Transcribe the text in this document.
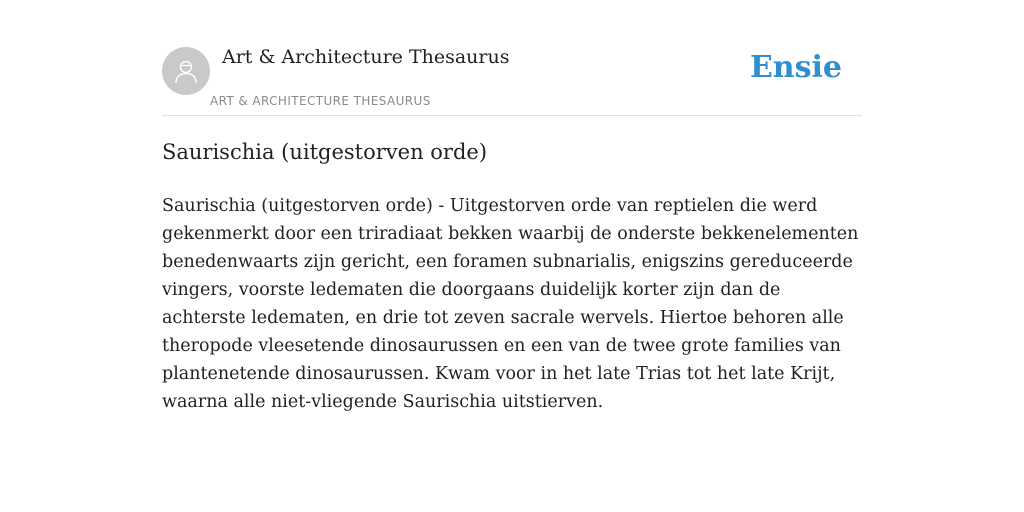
Art & Architecture Thesaurus
ART & ARCHITECTURE THESAURUS
Ensie
Saurischia (uitgestorven orde)

Saurischia (uitgestorven orde) - Uitgestorven orde van reptielen die werd gekenmerkt door een triradiaat bekken waarbij de onderste bekkenelementen benedenwaarts zijn gericht, een foramen subnarialis, enigszins gereduceerde vingers, voorste ledematen die doorgaans duidelijk korter zijn dan de achterste ledematen, en drie tot zeven sacrale wervels. Hiertoe behoren alle theropode vleesetende dinosaurussen en een van de twee grote families van plantenetende dinosaurussen. Kwam voor in het late Trias tot het late Krijt, waarna alle niet-vliegende Saurischia uitstierven.
